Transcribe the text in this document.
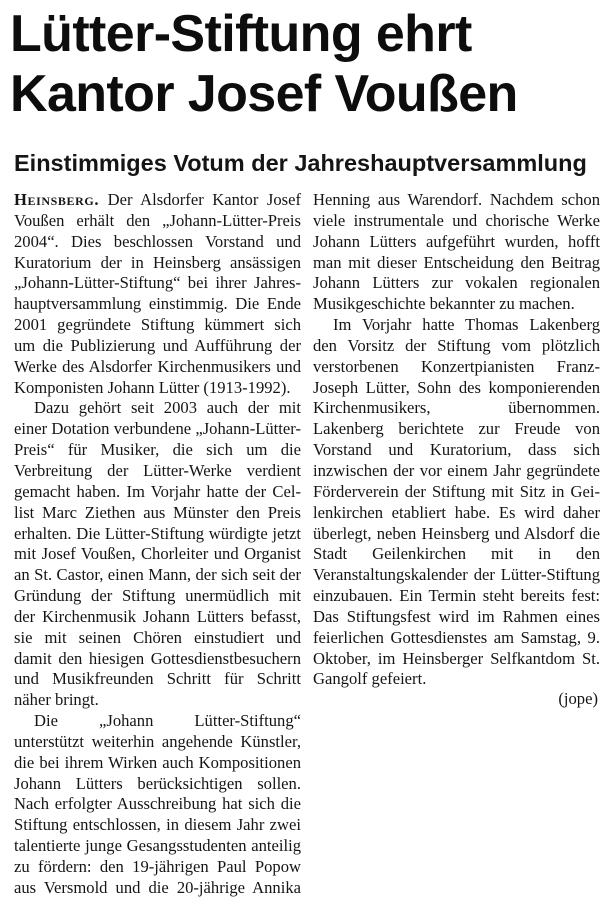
Lütter-Stiftung ehrt
Kantor Josef Voußen
Einstimmiges Votum der Jahreshauptversammlung

Heinsberg. Der Alsdorfer Kantor Josef Voußen erhält den „Johann-Lütter-Preis 2004“. Dies beschlossen Vorstand und Kuratorium der in Heinsberg ansässigen „Johann-Lütter-Stiftung“ bei ihrer Jahreshauptversammlung einstimmig. Die Ende 2001 gegründete Stiftung kümmert sich um die Publizierung und Aufführung der Werke des Alsdorfer Kirchenmusikers und Komponisten Johann Lütter (1913-1992).

Dazu gehört seit 2003 auch der mit einer Dotation verbundene „Johann-Lütter-Preis“ für Musiker, die sich um die Verbreitung der Lütter-Werke verdient gemacht haben. Im Vorjahr hatte der Cellist Marc Ziethen aus Münster den Preis erhalten. Die Lütter-Stiftung würdigte jetzt mit Josef Voußen, Chorleiter und Organist an St. Castor, einen Mann, der sich seit der Gründung der Stiftung unermüdlich mit der Kirchenmusik Johann Lütters befasst, sie mit seinen Chören einstudiert und damit den hiesigen Gottesdienstbesuchern und Musikfreunden Schritt für Schritt näher bringt.

Die „Johann Lütter-Stiftung“ unterstützt weiterhin angehende Künstler, die bei ihrem Wirken auch Kompositionen Johann Lütters berücksichtigen sollen. Nach erfolgter Ausschreibung hat sich die Stiftung entschlossen, in diesem Jahr zwei talentierte junge Gesangsstudenten anteilig zu fördern: den 19-jährigen Paul Popow aus Versmold und die 20-jährige Annika

Henning aus Warendorf. Nachdem schon viele instrumentale und chorische Werke Johann Lütters aufgeführt wurden, hofft man mit dieser Entscheidung den Beitrag Johann Lütters zur vokalen regionalen Musikgeschichte bekannter zu machen.

Im Vorjahr hatte Thomas Lakenberg den Vorsitz der Stiftung vom plötzlich verstorbenen Konzertpianisten Franz-Joseph Lütter, Sohn des komponierenden Kirchenmusikers, übernommen. Lakenberg berichtete zur Freude von Vorstand und Kuratorium, dass sich inzwischen der vor einem Jahr gegründete Förderverein der Stiftung mit Sitz in Geilenkirchen etabliert habe. Es wird daher überlegt, neben Heinsberg und Alsdorf die Stadt Geilenkirchen mit in den Veranstaltungskalender der Lütter-Stiftung einzubauen. Ein Termin steht bereits fest: Das Stiftungsfest wird im Rahmen eines feierlichen Gottesdienstes am Samstag, 9. Oktober, im Heinsberger Selfkantdom St. Gangolf gefeiert.

(jope)
